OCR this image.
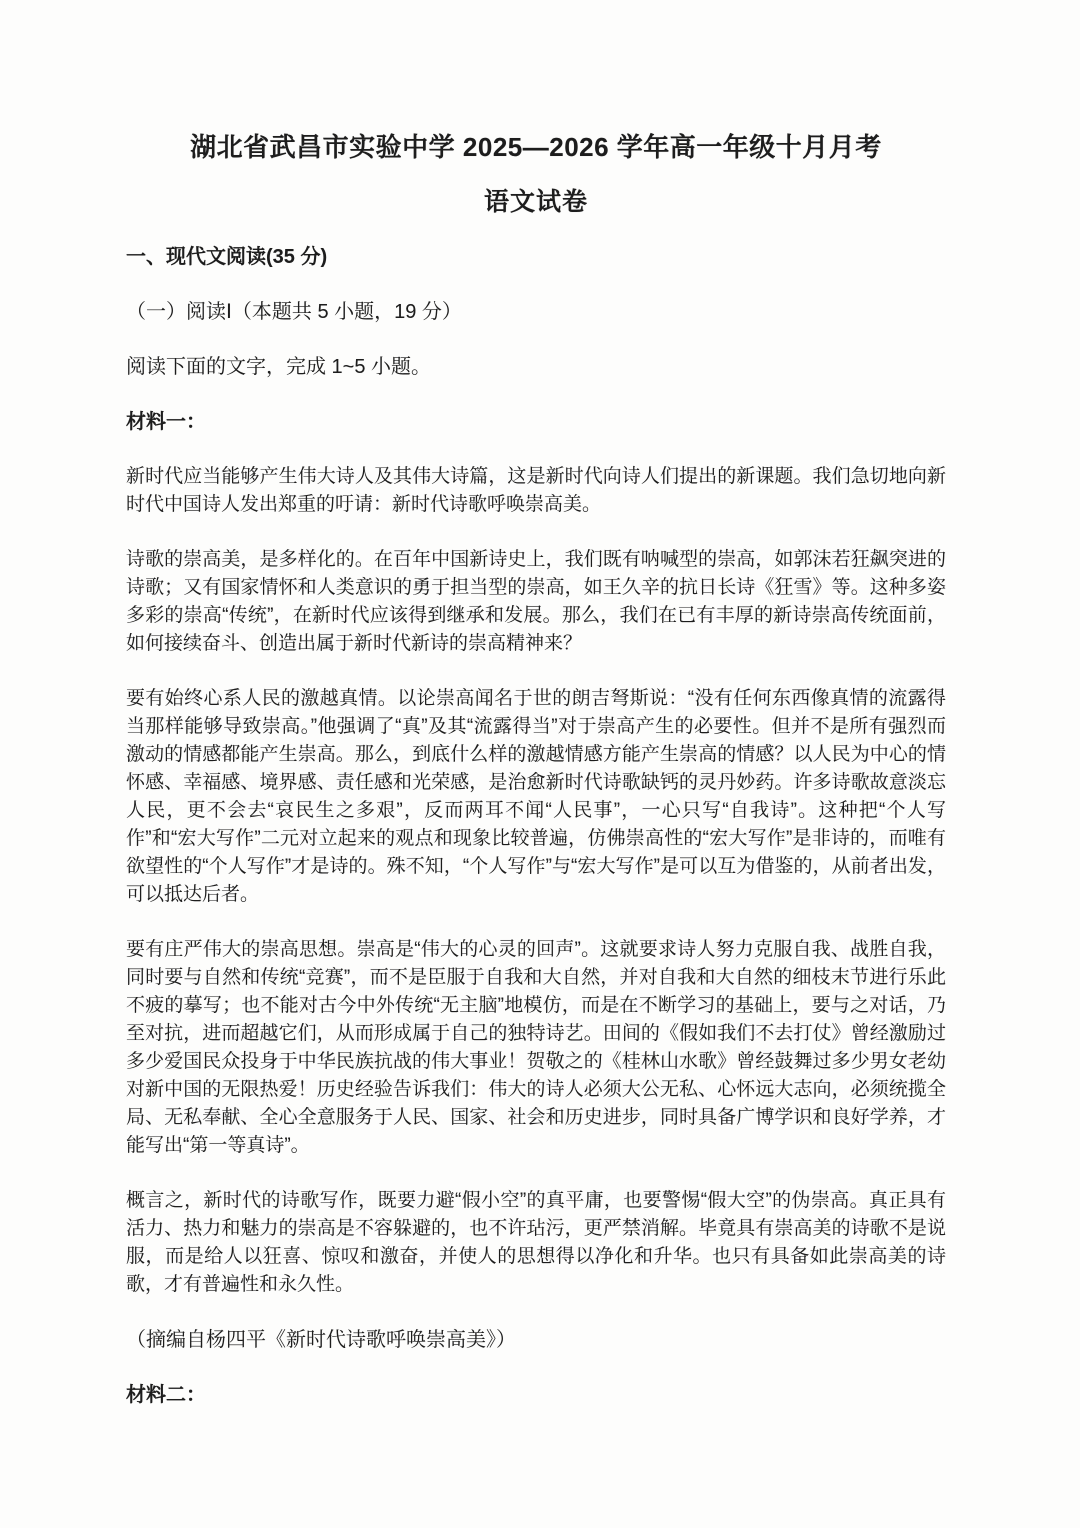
湖北省武昌市实验中学 2025—2026 学年高一年级十月月考
语文试卷
一、现代文阅读(35 分)
（一）阅读Ⅰ（本题共 5 小题，19 分）
阅读下面的文字，完成 1~5 小题。
材料一：

新时代应当能够产生伟大诗人及其伟大诗篇，这是新时代向诗人们提出的新课题。我们急切地向新时代中国诗人发出郑重的吁请：新时代诗歌呼唤崇高美。

诗歌的崇高美，是多样化的。在百年中国新诗史上，我们既有呐喊型的崇高，如郭沫若狂飙突进的诗歌；又有国家情怀和人类意识的勇于担当型的崇高，如王久辛的抗日长诗《狂雪》等。这种多姿多彩的崇高“传统”，在新时代应该得到继承和发展。那么，我们在已有丰厚的新诗崇高传统面前，如何接续奋斗、创造出属于新时代新诗的崇高精神来？

要有始终心系人民的激越真情。以论崇高闻名于世的朗吉弩斯说：“没有任何东西像真情的流露得当那样能够导致崇高。”他强调了“真”及其“流露得当”对于崇高产生的必要性。但并不是所有强烈而激动的情感都能产生崇高。那么，到底什么样的激越情感方能产生崇高的情感？以人民为中心的情怀感、幸福感、境界感、责任感和光荣感，是治愈新时代诗歌缺钙的灵丹妙药。许多诗歌故意淡忘人民，更不会去“哀民生之多艰”，反而两耳不闻“人民事”，一心只写“自我诗”。这种把“个人写作”和“宏大写作”二元对立起来的观点和现象比较普遍，仿佛崇高性的“宏大写作”是非诗的，而唯有欲望性的“个人写作”才是诗的。殊不知，“个人写作”与“宏大写作”是可以互为借鉴的，从前者出发，可以抵达后者。

要有庄严伟大的崇高思想。崇高是“伟大的心灵的回声”。这就要求诗人努力克服自我、战胜自我，同时要与自然和传统“竞赛”，而不是臣服于自我和大自然，并对自我和大自然的细枝末节进行乐此不疲的摹写；也不能对古今中外传统“无主脑”地模仿，而是在不断学习的基础上，要与之对话，乃至对抗，进而超越它们，从而形成属于自己的独特诗艺。田间的《假如我们不去打仗》曾经激励过多少爱国民众投身于中华民族抗战的伟大事业！贺敬之的《桂林山水歌》曾经鼓舞过多少男女老幼对新中国的无限热爱！历史经验告诉我们：伟大的诗人必须大公无私、心怀远大志向，必须统揽全局、无私奉献、全心全意服务于人民、国家、社会和历史进步，同时具备广博学识和良好学养，才能写出“第一等真诗”。

概言之，新时代的诗歌写作，既要力避“假小空”的真平庸，也要警惕“假大空”的伪崇高。真正具有活力、热力和魅力的崇高是不容躲避的，也不许玷污，更严禁消解。毕竟具有崇高美的诗歌不是说服，而是给人以狂喜、惊叹和激奋，并使人的思想得以净化和升华。也只有具备如此崇高美的诗歌，才有普遍性和永久性。

（摘编自杨四平《新时代诗歌呼唤崇高美》）
材料二：
